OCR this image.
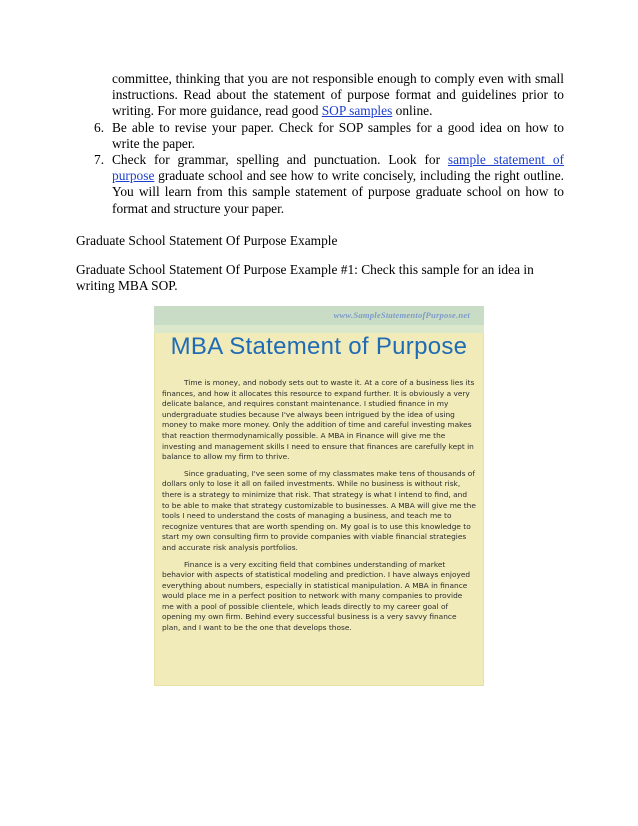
committee, thinking that you are not responsible enough to comply even with small instructions. Read about the statement of purpose format and guidelines prior to writing. For more guidance, read good SOP samples online.
6. Be able to revise your paper. Check for SOP samples for a good idea on how to write the paper.
7. Check for grammar, spelling and punctuation. Look for sample statement of purpose graduate school and see how to write concisely, including the right outline. You will learn from this sample statement of purpose graduate school on how to format and structure your paper.

Graduate School Statement Of Purpose Example

Graduate School Statement Of Purpose Example #1: Check this sample for an idea in writing MBA SOP.

www.SampleStatementofPurpose.net
MBA Statement of Purpose

Time is money, and nobody sets out to waste it. At a core of a business lies its finances, and how it allocates this resource to expand further. It is obviously a very delicate balance, and requires constant maintenance. I studied finance in my undergraduate studies because I've always been intrigued by the idea of using money to make more money. Only the addition of time and careful investing makes that reaction thermodynamically possible. A MBA in Finance will give me the investing and management skills I need to ensure that finances are carefully kept in balance to allow my firm to thrive.

Since graduating, I've seen some of my classmates make tens of thousands of dollars only to lose it all on failed investments. While no business is without risk, there is a strategy to minimize that risk. That strategy is what I intend to find, and to be able to make that strategy customizable to businesses. A MBA will give me the tools I need to understand the costs of managing a business, and teach me to recognize ventures that are worth spending on. My goal is to use this knowledge to start my own consulting firm to provide companies with viable financial strategies and accurate risk analysis portfolios.

Finance is a very exciting field that combines understanding of market behavior with aspects of statistical modeling and prediction. I have always enjoyed everything about numbers, especially in statistical manipulation. A MBA in finance would place me in a perfect position to network with many companies to provide me with a pool of possible clientele, which leads directly to my career goal of opening my own firm. Behind every successful business is a very savvy finance plan, and I want to be the one that develops those.
